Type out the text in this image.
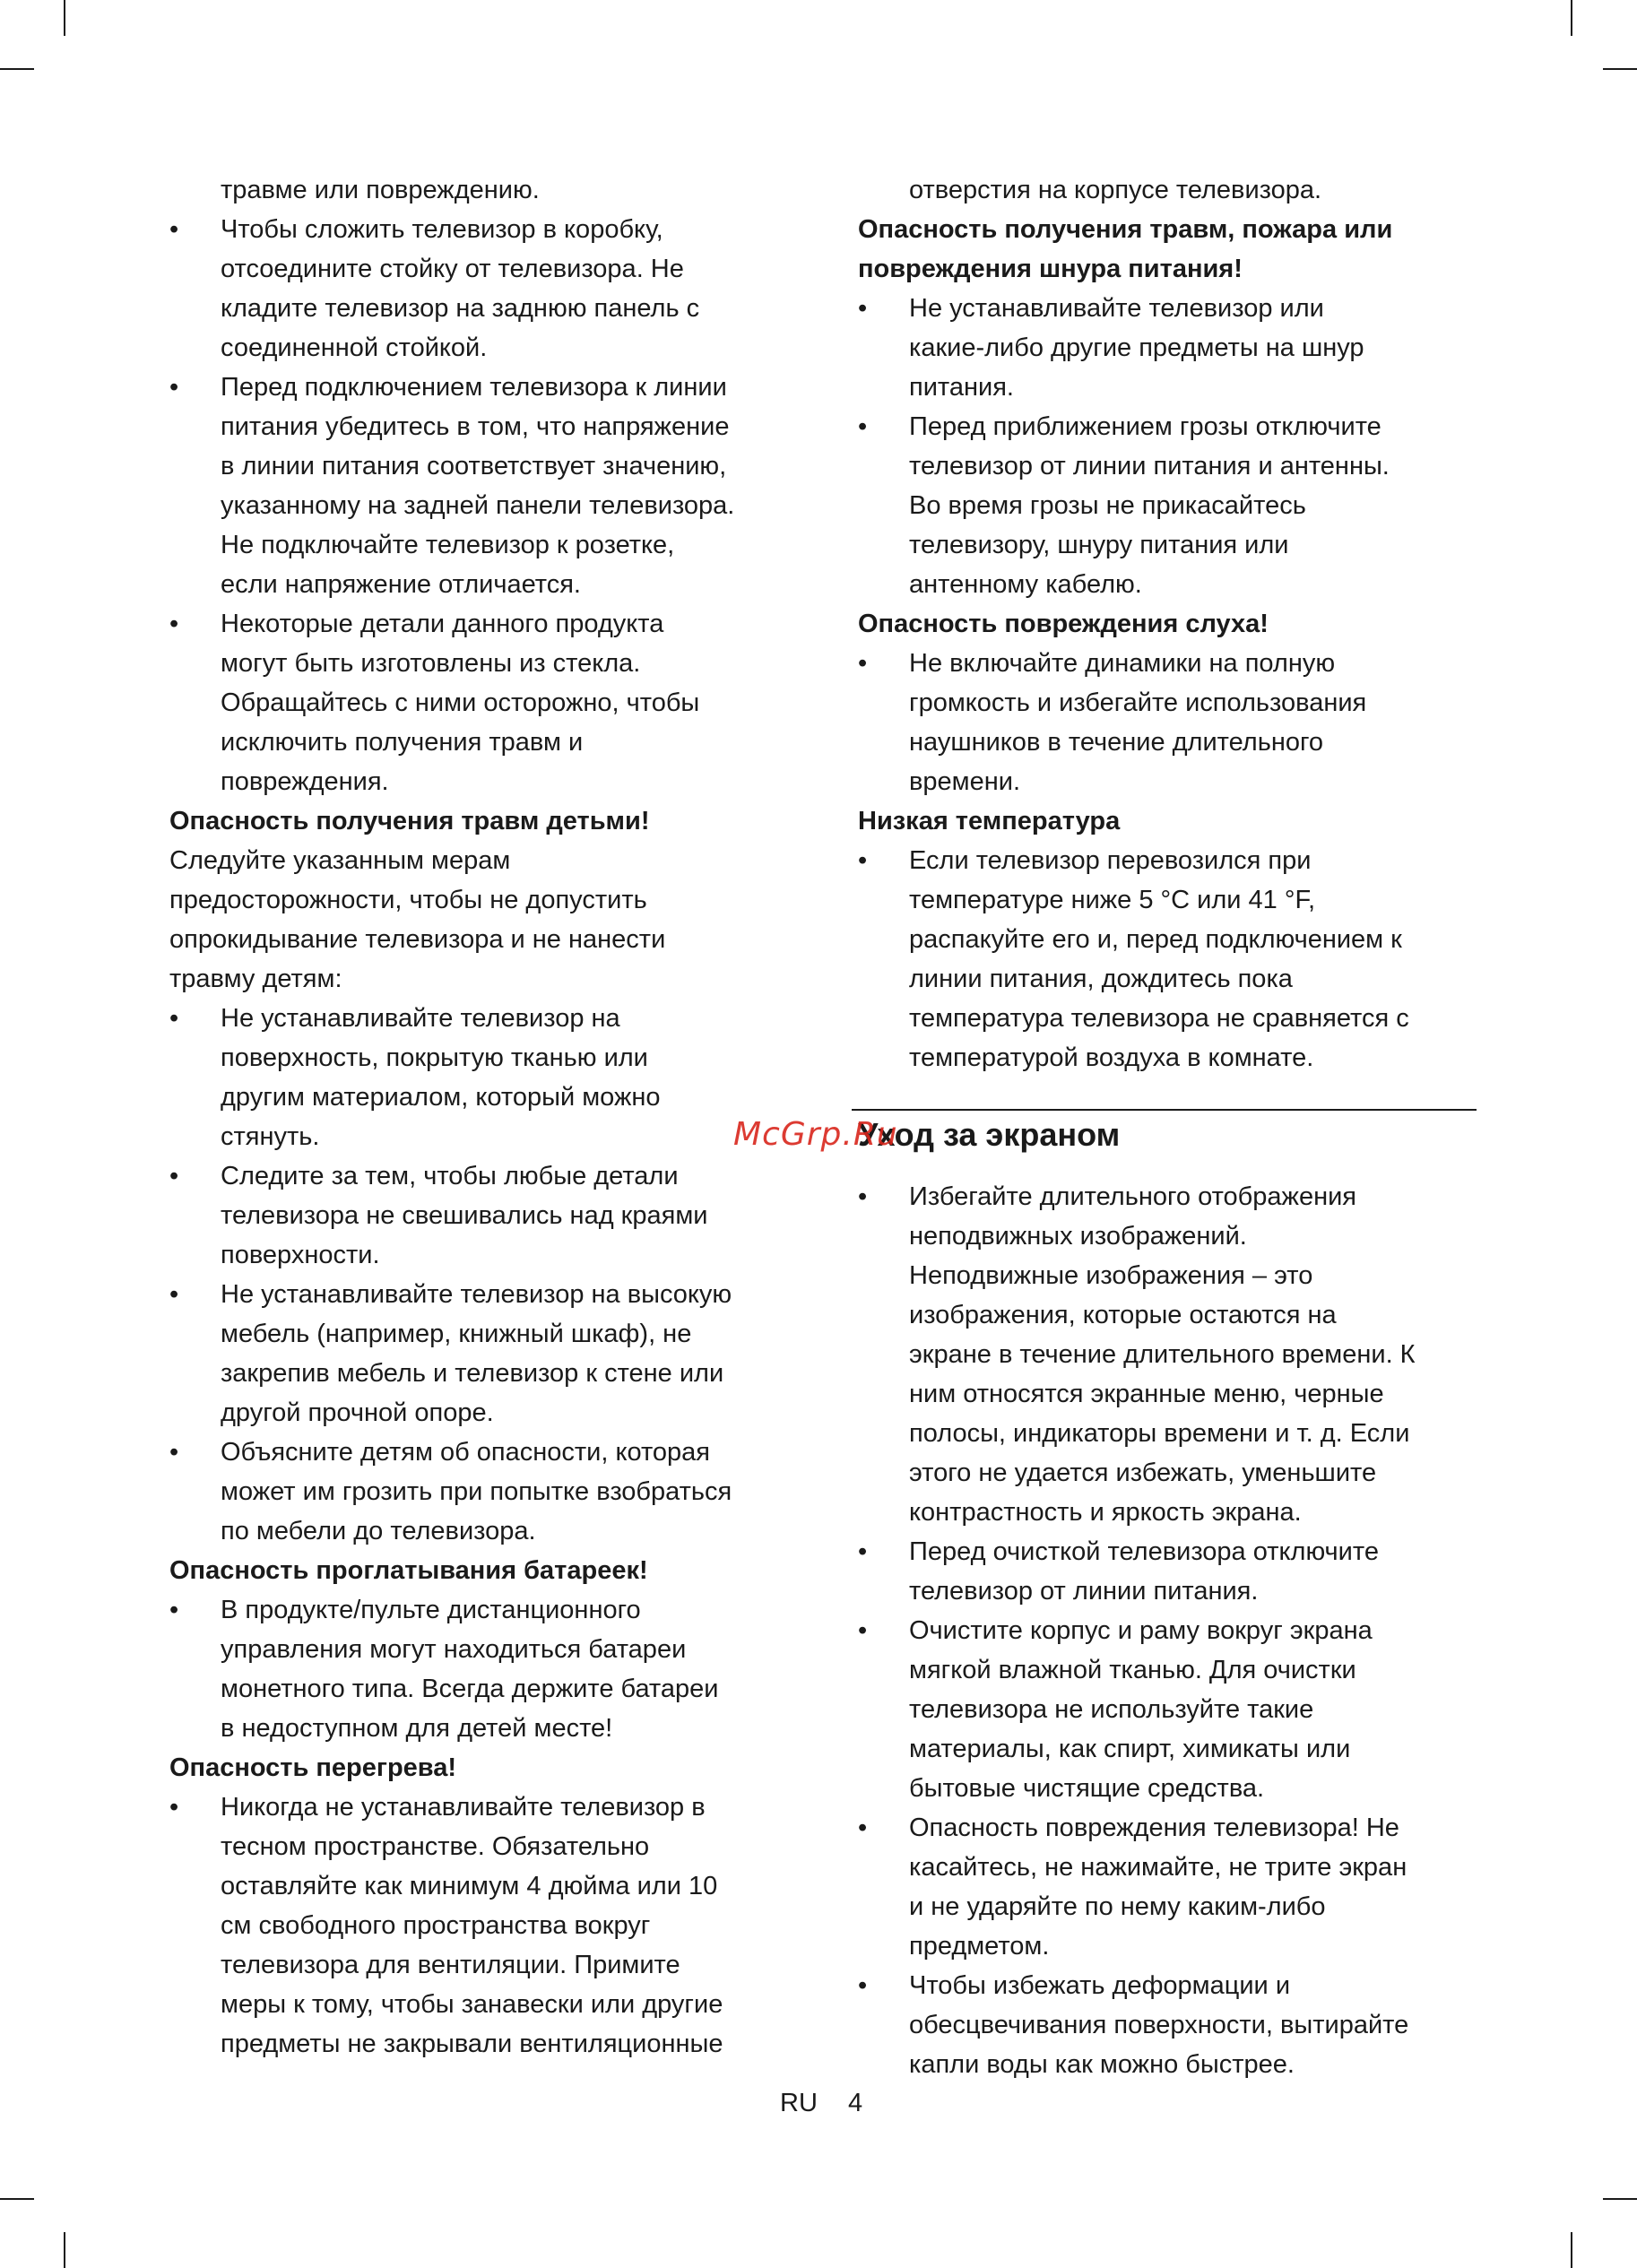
травме или повреждению.
• Чтобы сложить телевизор в коробку,
отсоедините стойку от телевизора. Не
кладите телевизор на заднюю панель с
соединенной стойкой.
• Перед подключением телевизора к линии
питания убедитесь в том, что напряжение
в линии питания соответствует значению,
указанному на задней панели телевизора.
Не подключайте телевизор к розетке,
если напряжение отличается.
• Некоторые детали данного продукта
могут быть изготовлены из стекла.
Обращайтесь с ними осторожно, чтобы
исключить получения травм и
повреждения.
Опасность получения травм детьми!
Следуйте указанным мерам
предосторожности, чтобы не допустить
опрокидывание телевизора и не нанести
травму детям:
• Не устанавливайте телевизор на
поверхность, покрытую тканью или
другим материалом, который можно
стянуть.
• Следите за тем, чтобы любые детали
телевизора не свешивались над краями
поверхности.
• Не устанавливайте телевизор на высокую
мебель (например, книжный шкаф), не
закрепив мебель и телевизор к стене или
другой прочной опоре.
• Объясните детям об опасности, которая
может им грозить при попытке взобраться
по мебели до телевизора.
Опасность проглатывания батареек!
• В продукте/пульте дистанционного
управления могут находиться батареи
монетного типа. Всегда держите батареи
в недоступном для детей месте!
Опасность перегрева!
• Никогда не устанавливайте телевизор в
тесном пространстве. Обязательно
оставляйте как минимум 4 дюйма или 10
см свободного пространства вокруг
телевизора для вентиляции. Примите
меры к тому, чтобы занавески или другие
предметы не закрывали вентиляционные
отверстия на корпусе телевизора.
Опасность получения травм, пожара или
повреждения шнура питания!
• Не устанавливайте телевизор или
какие-либо другие предметы на шнур
питания.
• Перед приближением грозы отключите
телевизор от линии питания и антенны.
Во время грозы не прикасайтесь
телевизору, шнуру питания или
антенному кабелю.
Опасность повреждения слуха!
• Не включайте динамики на полную
громкость и избегайте использования
наушников в течение длительного
времени.
Низкая температура
• Если телевизор перевозился при
температуре ниже 5 °C или 41 °F,
распакуйте его и, перед подключением к
линии питания, дождитесь пока
температура телевизора не сравняется с
температурой воздуха в комнате.
Уход за экраном
McGrp.Ru
• Избегайте длительного отображения
неподвижных изображений.
Неподвижные изображения – это
изображения, которые остаются на
экране в течение длительного времени. К
ним относятся экранные меню, черные
полосы, индикаторы времени и т. д. Если
этого не удается избежать, уменьшите
контрастность и яркость экрана.
• Перед очисткой телевизора отключите
телевизор от линии питания.
• Очистите корпус и раму вокруг экрана
мягкой влажной тканью. Для очистки
телевизора не используйте такие
материалы, как спирт, химикаты или
бытовые чистящие средства.
• Опасность повреждения телевизора! Не
касайтесь, не нажимайте, не трите экран
и не ударяйте по нему каким-либо
предметом.
• Чтобы избежать деформации и
обесцвечивания поверхности, вытирайте
капли воды как можно быстрее.
RU 4
